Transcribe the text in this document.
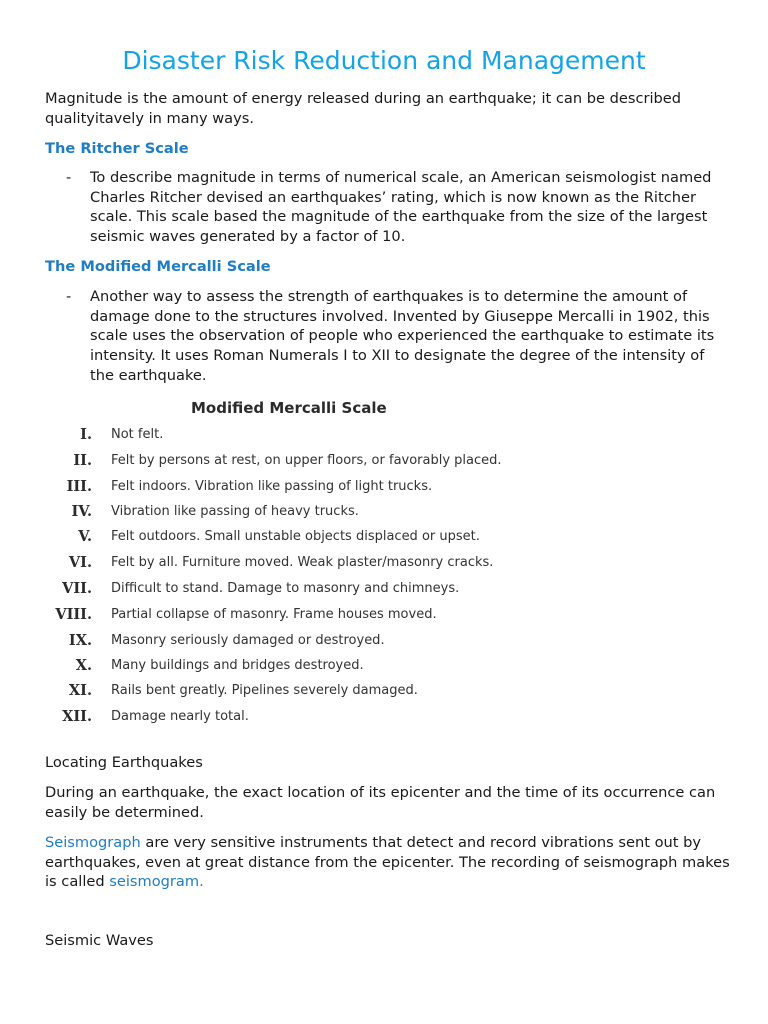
Disaster Risk Reduction and Management

Magnitude is the amount of energy released during an earthquake; it can be described qualityitavely in many ways.

The Ritcher Scale
- To describe magnitude in terms of numerical scale, an American seismologist named Charles Ritcher devised an earthquakes’ rating, which is now known as the Ritcher scale. This scale based the magnitude of the earthquake from the size of the largest seismic waves generated by a factor of 10.
The Modified Mercalli Scale
- Another way to assess the strength of earthquakes is to determine the amount of damage done to the structures involved. Invented by Giuseppe Mercalli in 1902, this scale uses the observation of people who experienced the earthquake to estimate its intensity. It uses Roman Numerals I to XII to designate the degree of the intensity of the earthquake.
Modified Mercalli Scale
I. Not felt.
II. Felt by persons at rest, on upper floors, or favorably placed.
III. Felt indoors. Vibration like passing of light trucks.
IV. Vibration like passing of heavy trucks.
V. Felt outdoors. Small unstable objects displaced or upset.
VI. Felt by all. Furniture moved. Weak plaster/masonry cracks.
VII. Difficult to stand. Damage to masonry and chimneys.
VIII. Partial collapse of masonry. Frame houses moved.
IX. Masonry seriously damaged or destroyed.
X. Many buildings and bridges destroyed.
XI. Rails bent greatly. Pipelines severely damaged.
XII. Damage nearly total.

Locating Earthquakes

During an earthquake, the exact location of its epicenter and the time of its occurrence can easily be determined.

Seismograph are very sensitive instruments that detect and record vibrations sent out by earthquakes, even at great distance from the epicenter. The recording of seismograph makes is called seismogram.

Seismic Waves
